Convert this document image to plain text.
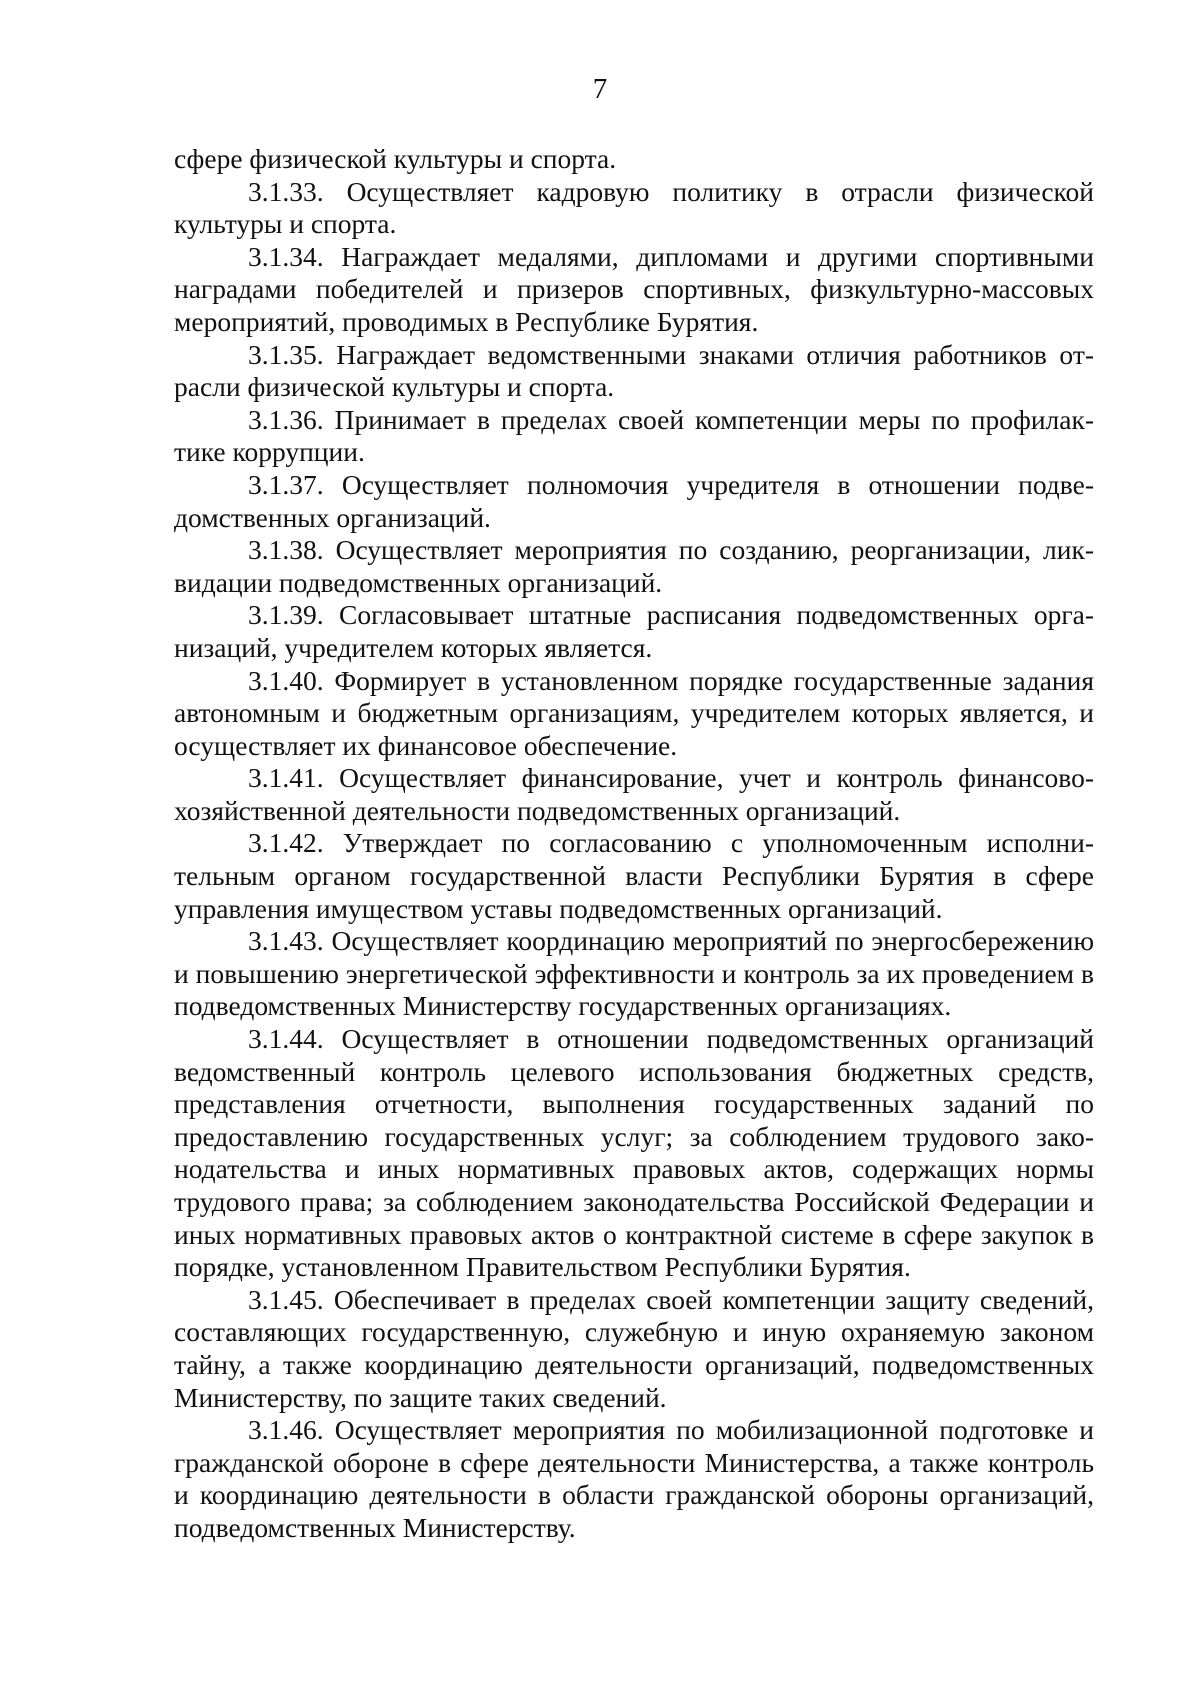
7

сфере физической культуры и спорта.

3.1.33. Осуществляет кадровую политику в отрасли физической культуры и спорта.

3.1.34. Награждает медалями, дипломами и другими спортивными наградами победителей и призеров спортивных, физкультурно-массовых мероприятий, проводимых в Республике Бурятия.

3.1.35. Награждает ведомственными знаками отличия работников отрасли физической культуры и спорта.

3.1.36. Принимает в пределах своей компетенции меры по профилактике коррупции.

3.1.37. Осуществляет полномочия учредителя в отношении подведомственных организаций.

3.1.38. Осуществляет мероприятия по созданию, реорганизации, ликвидации подведомственных организаций.

3.1.39. Согласовывает штатные расписания подведомственных организаций, учредителем которых является.

3.1.40. Формирует в установленном порядке государственные задания автономным и бюджетным организациям, учредителем которых является, и осуществляет их финансовое обеспечение.

3.1.41. Осуществляет финансирование, учет и контроль финансово-хозяйственной деятельности подведомственных организаций.

3.1.42. Утверждает по согласованию с уполномоченным исполнительным органом государственной власти Республики Бурятия в сфере управления имуществом уставы подведомственных организаций.

3.1.43. Осуществляет координацию мероприятий по энергосбережению и повышению энергетической эффективности и контроль за их проведением в подведомственных Министерству государственных организациях.

3.1.44. Осуществляет в отношении подведомственных организаций ведомственный контроль целевого использования бюджетных средств, представления отчетности, выполнения государственных заданий по предоставлению государственных услуг; за соблюдением трудового законодательства и иных нормативных правовых актов, содержащих нормы трудового права; за соблюдением законодательства Российской Федерации и иных нормативных правовых актов о контрактной системе в сфере закупок в порядке, установленном Правительством Республики Бурятия.

3.1.45. Обеспечивает в пределах своей компетенции защиту сведений, составляющих государственную, служебную и иную охраняемую законом тайну, а также координацию деятельности организаций, подведомственных Министерству, по защите таких сведений.

3.1.46. Осуществляет мероприятия по мобилизационной подготовке и гражданской обороне в сфере деятельности Министерства, а также контроль и координацию деятельности в области гражданской обороны организаций, подведомственных Министерству.
